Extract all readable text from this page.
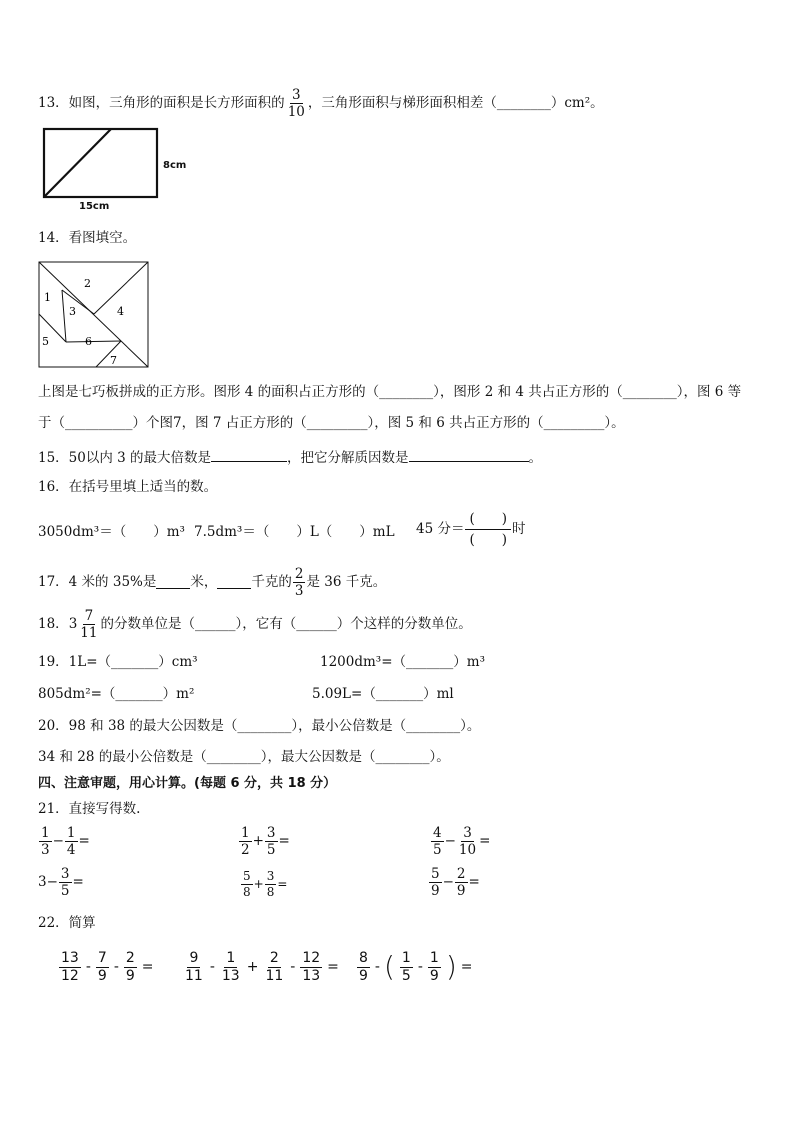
13．如图，三角形的面积是长方形面积的 $\frac{3}{10}$ ，三角形面积与梯形面积相差（________）cm²。
8cm
15cm
14．看图填空。
1
2
3	4
5	6
7
上图是七巧板拼成的正方形。图形 4 的面积占正方形的（________），图形 2 和 4 共占正方形的（________），图 6 等
于（__________）个图7，图 7 占正方形的（_________），图 5 和 6 共占正方形的（_________）。
15．50以内 3 的最大倍数是	，把它分解质因数是	。
16．在括号里填上适当的数。
3050dm³＝（　　）m³ 7.5dm³＝（　　）L（　　）mL 45 分＝ $\frac{( )}{( )}$ 时
17．4 米的 35%是	米，	千克的 $\frac{2}{3}$ 是 36 千克。
18． $3 \frac{7}{11}$ 的分数单位是（______），它有（______）个这样的分数单位。
19．1L=（_______）cm³	1200dm³=（_______）m³
805dm²=（_______）m²	5.09L=（_______）ml
20．98 和 38 的最大公因数是（________），最小公倍数是（________）。
34 和 28 的最小公倍数是（________），最大公因数是（________）。
四、注意审题，用心计算。(每题 6 分，共 18 分）
21．直接写得数.
$\frac{1}{3} - \frac{1}{4}$ =	$\frac{1}{2} + \frac{3}{5}$ =	$\frac{4}{5} - \frac{3}{10}$ =
$3 - \frac{3}{5}$ =	$\frac{5}{8} + \frac{3}{8}$ =	$\frac{5}{9} - \frac{2}{9}$ =
22．简算
$\frac{13}{12} - \frac{7}{9} - \frac{2}{9} = \frac{9}{11} - \frac{1}{13} + \frac{2}{11} - \frac{12}{13} = \frac{8}{9}$ - ( $\frac{1}{5} - \frac{1}{9}$ ) =
